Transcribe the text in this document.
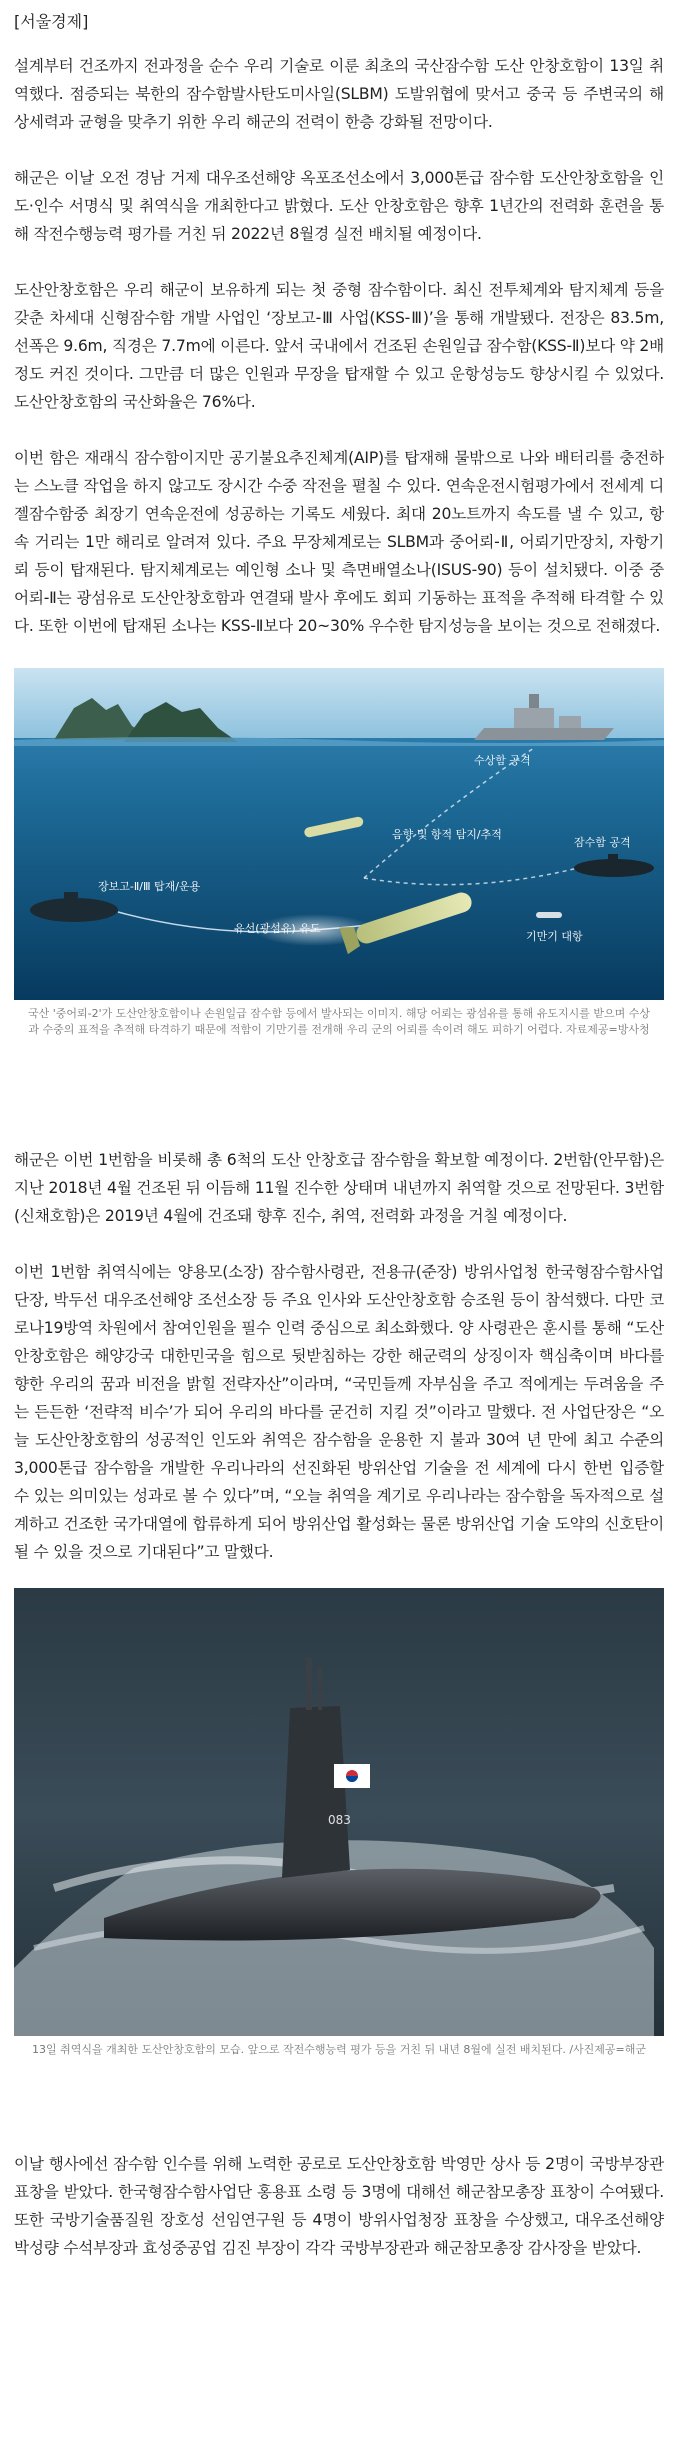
[서울경제]

설계부터 건조까지 전과정을 순수 우리 기술로 이룬 최초의 국산잠수함 도산 안창호함이 13일 취역했다. 점증되는 북한의 잠수함발사탄도미사일(SLBM) 도발위협에 맞서고 중국 등 주변국의 해상세력과 균형을 맞추기 위한 우리 해군의 전력이 한층 강화될 전망이다.

해군은 이날 오전 경남 거제 대우조선해양 옥포조선소에서 3,000톤급 잠수함 도산안창호함을 인도·인수 서명식 및 취역식을 개최한다고 밝혔다. 도산 안창호함은 향후 1년간의 전력화 훈련을 통해 작전수행능력 평가를 거친 뒤 2022년 8월경 실전 배치될 예정이다.

도산안창호함은 우리 해군이 보유하게 되는 첫 중형 잠수함이다. 최신 전투체계와 탐지체계 등을 갖춘 차세대 신형잠수함 개발 사업인 ‘장보고-Ⅲ 사업(KSS-Ⅲ)’을 통해 개발됐다. 전장은 83.5m, 선폭은 9.6m, 직경은 7.7m에 이른다. 앞서 국내에서 건조된 손원일급 잠수함(KSS-Ⅱ)보다 약 2배 정도 커진 것이다. 그만큼 더 많은 인원과 무장을 탑재할 수 있고 운항성능도 향상시킬 수 있었다. 도산안창호함의 국산화율은 76%다.

이번 함은 재래식 잠수함이지만 공기불요추진체계(AIP)를 탑재해 물밖으로 나와 배터리를 충전하는 스노클 작업을 하지 않고도 장시간 수중 작전을 펼칠 수 있다. 연속운전시험평가에서 전세계 디젤잠수함중 최장기 연속운전에 성공하는 기록도 세웠다. 최대 20노트까지 속도를 낼 수 있고, 항속 거리는 1만 해리로 알려져 있다. 주요 무장체계로는 SLBM과 중어뢰-Ⅱ, 어뢰기만장치, 자항기뢰 등이 탑재된다. 탐지체계로는 예인형 소나 및 측면배열소나(ISUS-90) 등이 설치됐다. 이중 중어뢰-Ⅱ는 광섬유로 도산안창호함과 연결돼 발사 후에도 회피 기동하는 표적을 추적해 타격할 수 있다. 또한 이번에 탑재된 소나는 KSS-Ⅱ보다 20~30% 우수한 탐지성능을 보이는 것으로 전해졌다.

수상함 공격
음향 및 항적 탐지/추적
잠수함 공격
장보고-Ⅱ/Ⅲ 탑재/운용
유선(광섬유) 유도
기만기 대항
국산 '중어뢰-2'가 도산안창호함이나 손원일급 잠수함 등에서 발사되는 이미지. 해당 어뢰는 광섬유를 통해 유도지시를 받으며 수상과 수중의 표적을 추적해 타격하기 때문에 적함이 기만기를 전개해 우리 군의 어뢰를 속이려 해도 피하기 어렵다. 자료제공=방사청

해군은 이번 1번함을 비롯해 총 6척의 도산 안창호급 잠수함을 확보할 예정이다. 2번함(안무함)은 지난 2018년 4월 건조된 뒤 이듬해 11월 진수한 상태며 내년까지 취역할 것으로 전망된다. 3번함(신채호함)은 2019년 4월에 건조돼 향후 진수, 취역, 전력화 과정을 거칠 예정이다.

이번 1번함 취역식에는 양용모(소장) 잠수함사령관, 전용규(준장) 방위사업청 한국형잠수함사업단장, 박두선 대우조선해양 조선소장 등 주요 인사와 도산안창호함 승조원 등이 참석했다. 다만 코로나19방역 차원에서 참여인원을 필수 인력 중심으로 최소화했다. 양 사령관은 훈시를 통해 “도산안창호함은 해양강국 대한민국을 힘으로 뒷받침하는 강한 해군력의 상징이자 핵심축이며 바다를 향한 우리의 꿈과 비전을 밝힐 전략자산”이라며, “국민들께 자부심을 주고 적에게는 두려움을 주는 든든한 ‘전략적 비수’가 되어 우리의 바다를 굳건히 지킬 것”이라고 말했다. 전 사업단장은 “오늘 도산안창호함의 성공적인 인도와 취역은 잠수함을 운용한 지 불과 30여 년 만에 최고 수준의 3,000톤급 잠수함을 개발한 우리나라의 선진화된 방위산업 기술을 전 세계에 다시 한번 입증할 수 있는 의미있는 성과로 볼 수 있다”며, “오늘 취역을 계기로 우리나라는 잠수함을 독자적으로 설계하고 건조한 국가대열에 합류하게 되어 방위산업 활성화는 물론 방위산업 기술 도약의 신호탄이 될 수 있을 것으로 기대된다”고 말했다.

083
13일 취역식을 개최한 도산안창호함의 모습. 앞으로 작전수행능력 평가 등을 거친 뒤 내년 8월에 실전 배치된다. /사진제공=해군

이날 행사에선 잠수함 인수를 위해 노력한 공로로 도산안창호함 박영만 상사 등 2명이 국방부장관 표창을 받았다. 한국형잠수함사업단 홍용표 소령 등 3명에 대해선 해군참모총장 표창이 수여됐다. 또한 국방기술품질원 장호성 선임연구원 등 4명이 방위사업청장 표창을 수상했고, 대우조선해양 박성량 수석부장과 효성중공업 김진 부장이 각각 국방부장관과 해군참모총장 감사장을 받았다.
